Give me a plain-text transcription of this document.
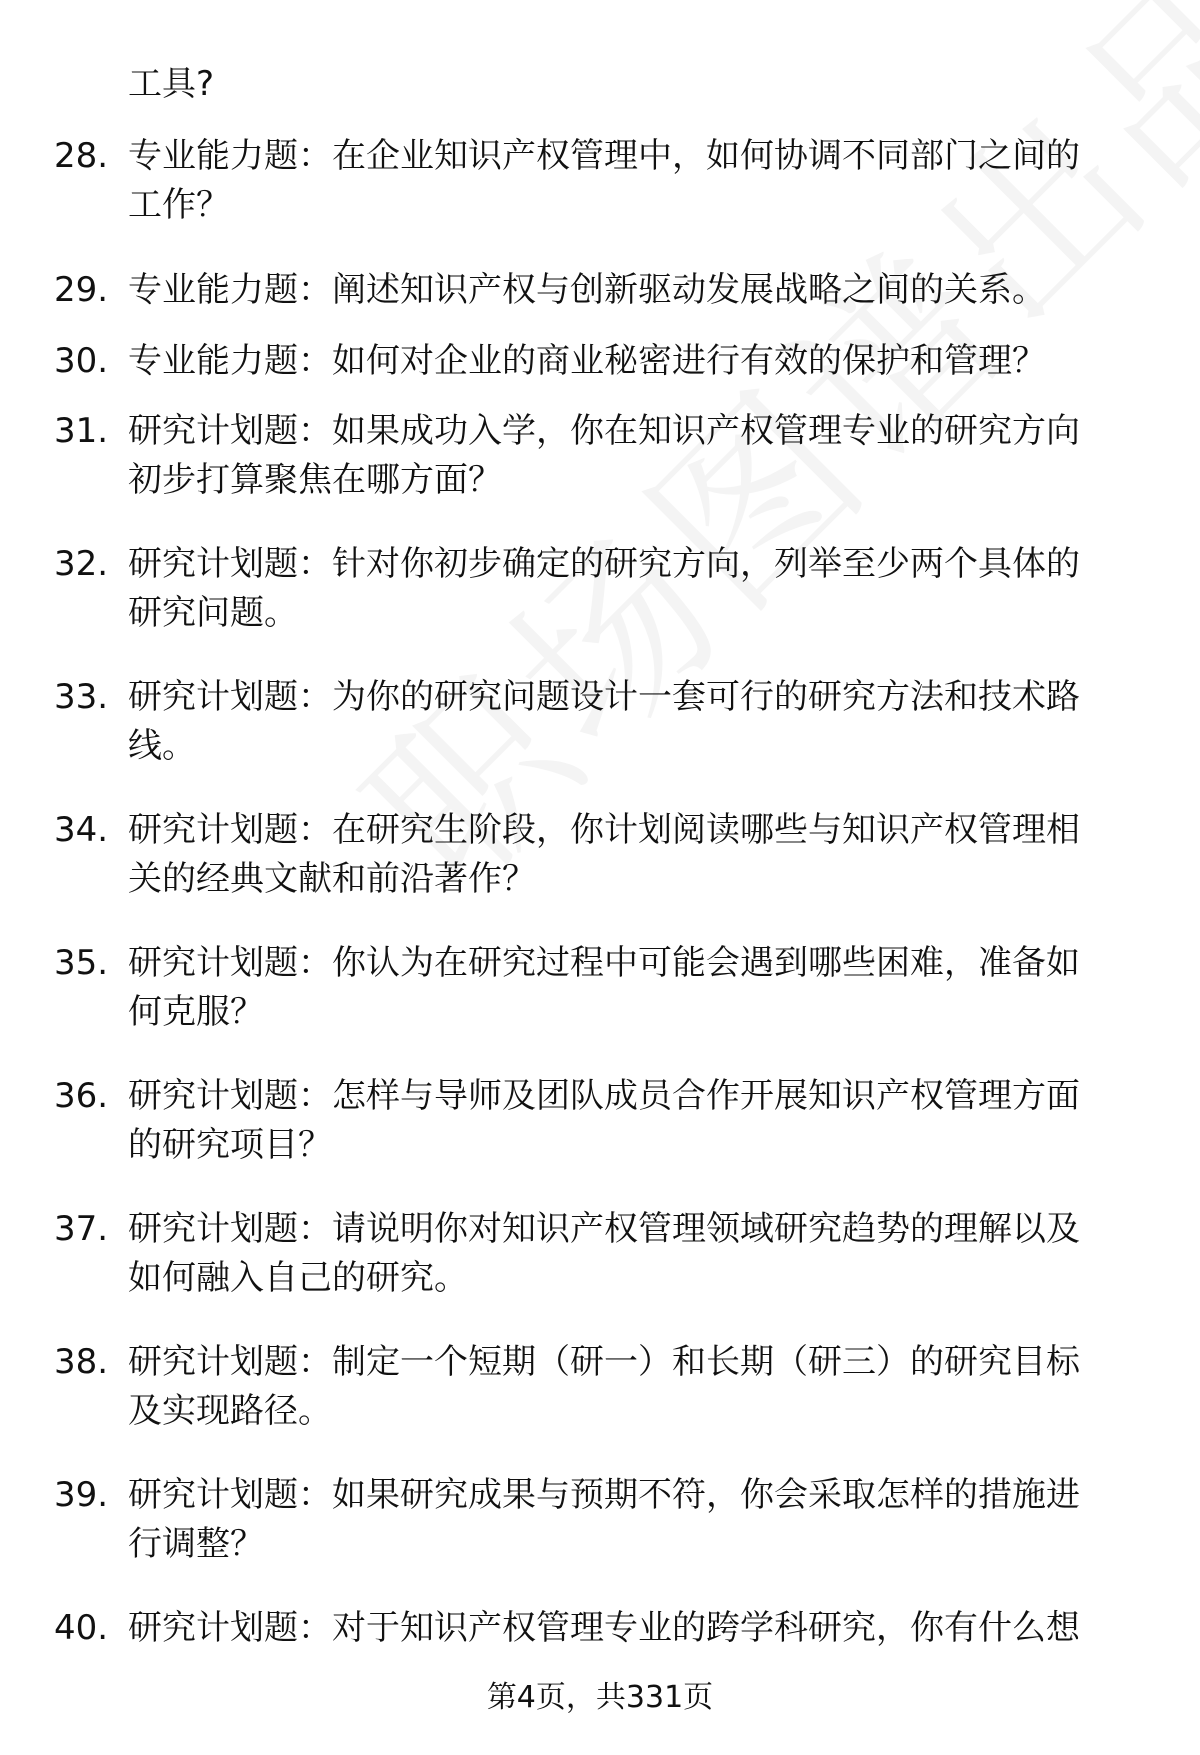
工具?
28. 专业能力题：在企业知识产权管理中，如何协调不同部门之间的
工作？
29. 专业能力题：阐述知识产权与创新驱动发展战略之间的关系。
30. 专业能力题：如何对企业的商业秘密进行有效的保护和管理？
31. 研究计划题：如果成功入学，你在知识产权管理专业的研究方向
初步打算聚焦在哪方面？
32. 研究计划题：针对你初步确定的研究方向，列举至少两个具体的
研究问题。
33. 研究计划题：为你的研究问题设计一套可行的研究方法和技术路
线。
34. 研究计划题：在研究生阶段，你计划阅读哪些与知识产权管理相
关的经典文献和前沿著作？
35. 研究计划题：你认为在研究过程中可能会遇到哪些困难，准备如
何克服？
36. 研究计划题：怎样与导师及团队成员合作开展知识产权管理方面
的研究项目？
37. 研究计划题：请说明你对知识产权管理领域研究趋势的理解以及
如何融入自己的研究。
38. 研究计划题：制定一个短期（研一）和长期（研三）的研究目标
及实现路径。
39. 研究计划题：如果研究成果与预期不符，你会采取怎样的措施进
行调整？
40. 研究计划题：对于知识产权管理专业的跨学科研究，你有什么想
第4页，共331页
